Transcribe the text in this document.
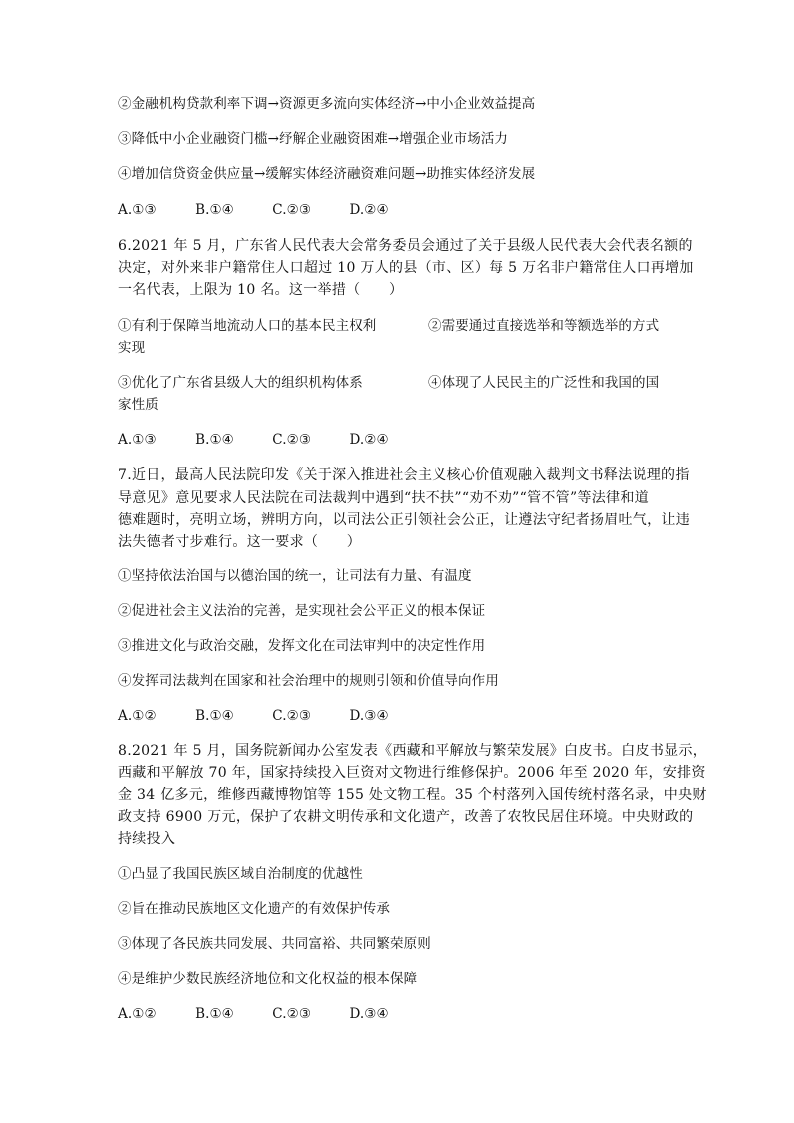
②金融机构贷款利率下调→资源更多流向实体经济→中小企业效益提高
③降低中小企业融资门槛→纾解企业融资困难→增强企业市场活力
④增加信贷资金供应量→缓解实体经济融资难问题→助推实体经济发展
A.①③	B.①④	C.②③	D.②④
6.2021 年 5 月，广东省人民代表大会常务委员会通过了关于县级人民代表大会代表名额的
决定，对外来非户籍常住人口超过 10 万人的县（市、区）每 5 万名非户籍常住人口再增加
一名代表，上限为 10 名。这一举措（　　）
①有利于保障当地流动人口的基本民主权利	②需要通过直接选举和等额选举的方式
实现
③优化了广东省县级人大的组织机构体系	④体现了人民民主的广泛性和我国的国
家性质
A.①③	B.①④	C.②③	D.②④
7.近日，最高人民法院印发《关于深入推进社会主义核心价值观融入裁判文书释法说理的指
导意见》意见要求人民法院在司法裁判中遇到“扶不扶”“劝不劝”“管不管”等法律和道
德难题时，亮明立场，辨明方向，以司法公正引领社会公正，让遵法守纪者扬眉吐气，让违
法失德者寸步难行。这一要求（　　）
①坚持依法治国与以德治国的统一，让司法有力量、有温度
②促进社会主义法治的完善，是实现社会公平正义的根本保证
③推进文化与政治交融，发挥文化在司法审判中的决定性作用
④发挥司法裁判在国家和社会治理中的规则引领和价值导向作用
A.①②	B.①④	C.②③	D.③④
8.2021 年 5 月，国务院新闻办公室发表《西藏和平解放与繁荣发展》白皮书。白皮书显示，
西藏和平解放 70 年，国家持续投入巨资对文物进行维修保护。2006 年至 2020 年，安排资
金 34 亿多元，维修西藏博物馆等 155 处文物工程。35 个村落列入国传统村落名录，中央财
政支持 6900 万元，保护了农耕文明传承和文化遗产，改善了农牧民居住环境。中央财政的
持续投入
①凸显了我国民族区域自治制度的优越性
②旨在推动民族地区文化遗产的有效保护传承
③体现了各民族共同发展、共同富裕、共同繁荣原则
④是维护少数民族经济地位和文化权益的根本保障
A.①②	B.①④	C.②③	D.③④
